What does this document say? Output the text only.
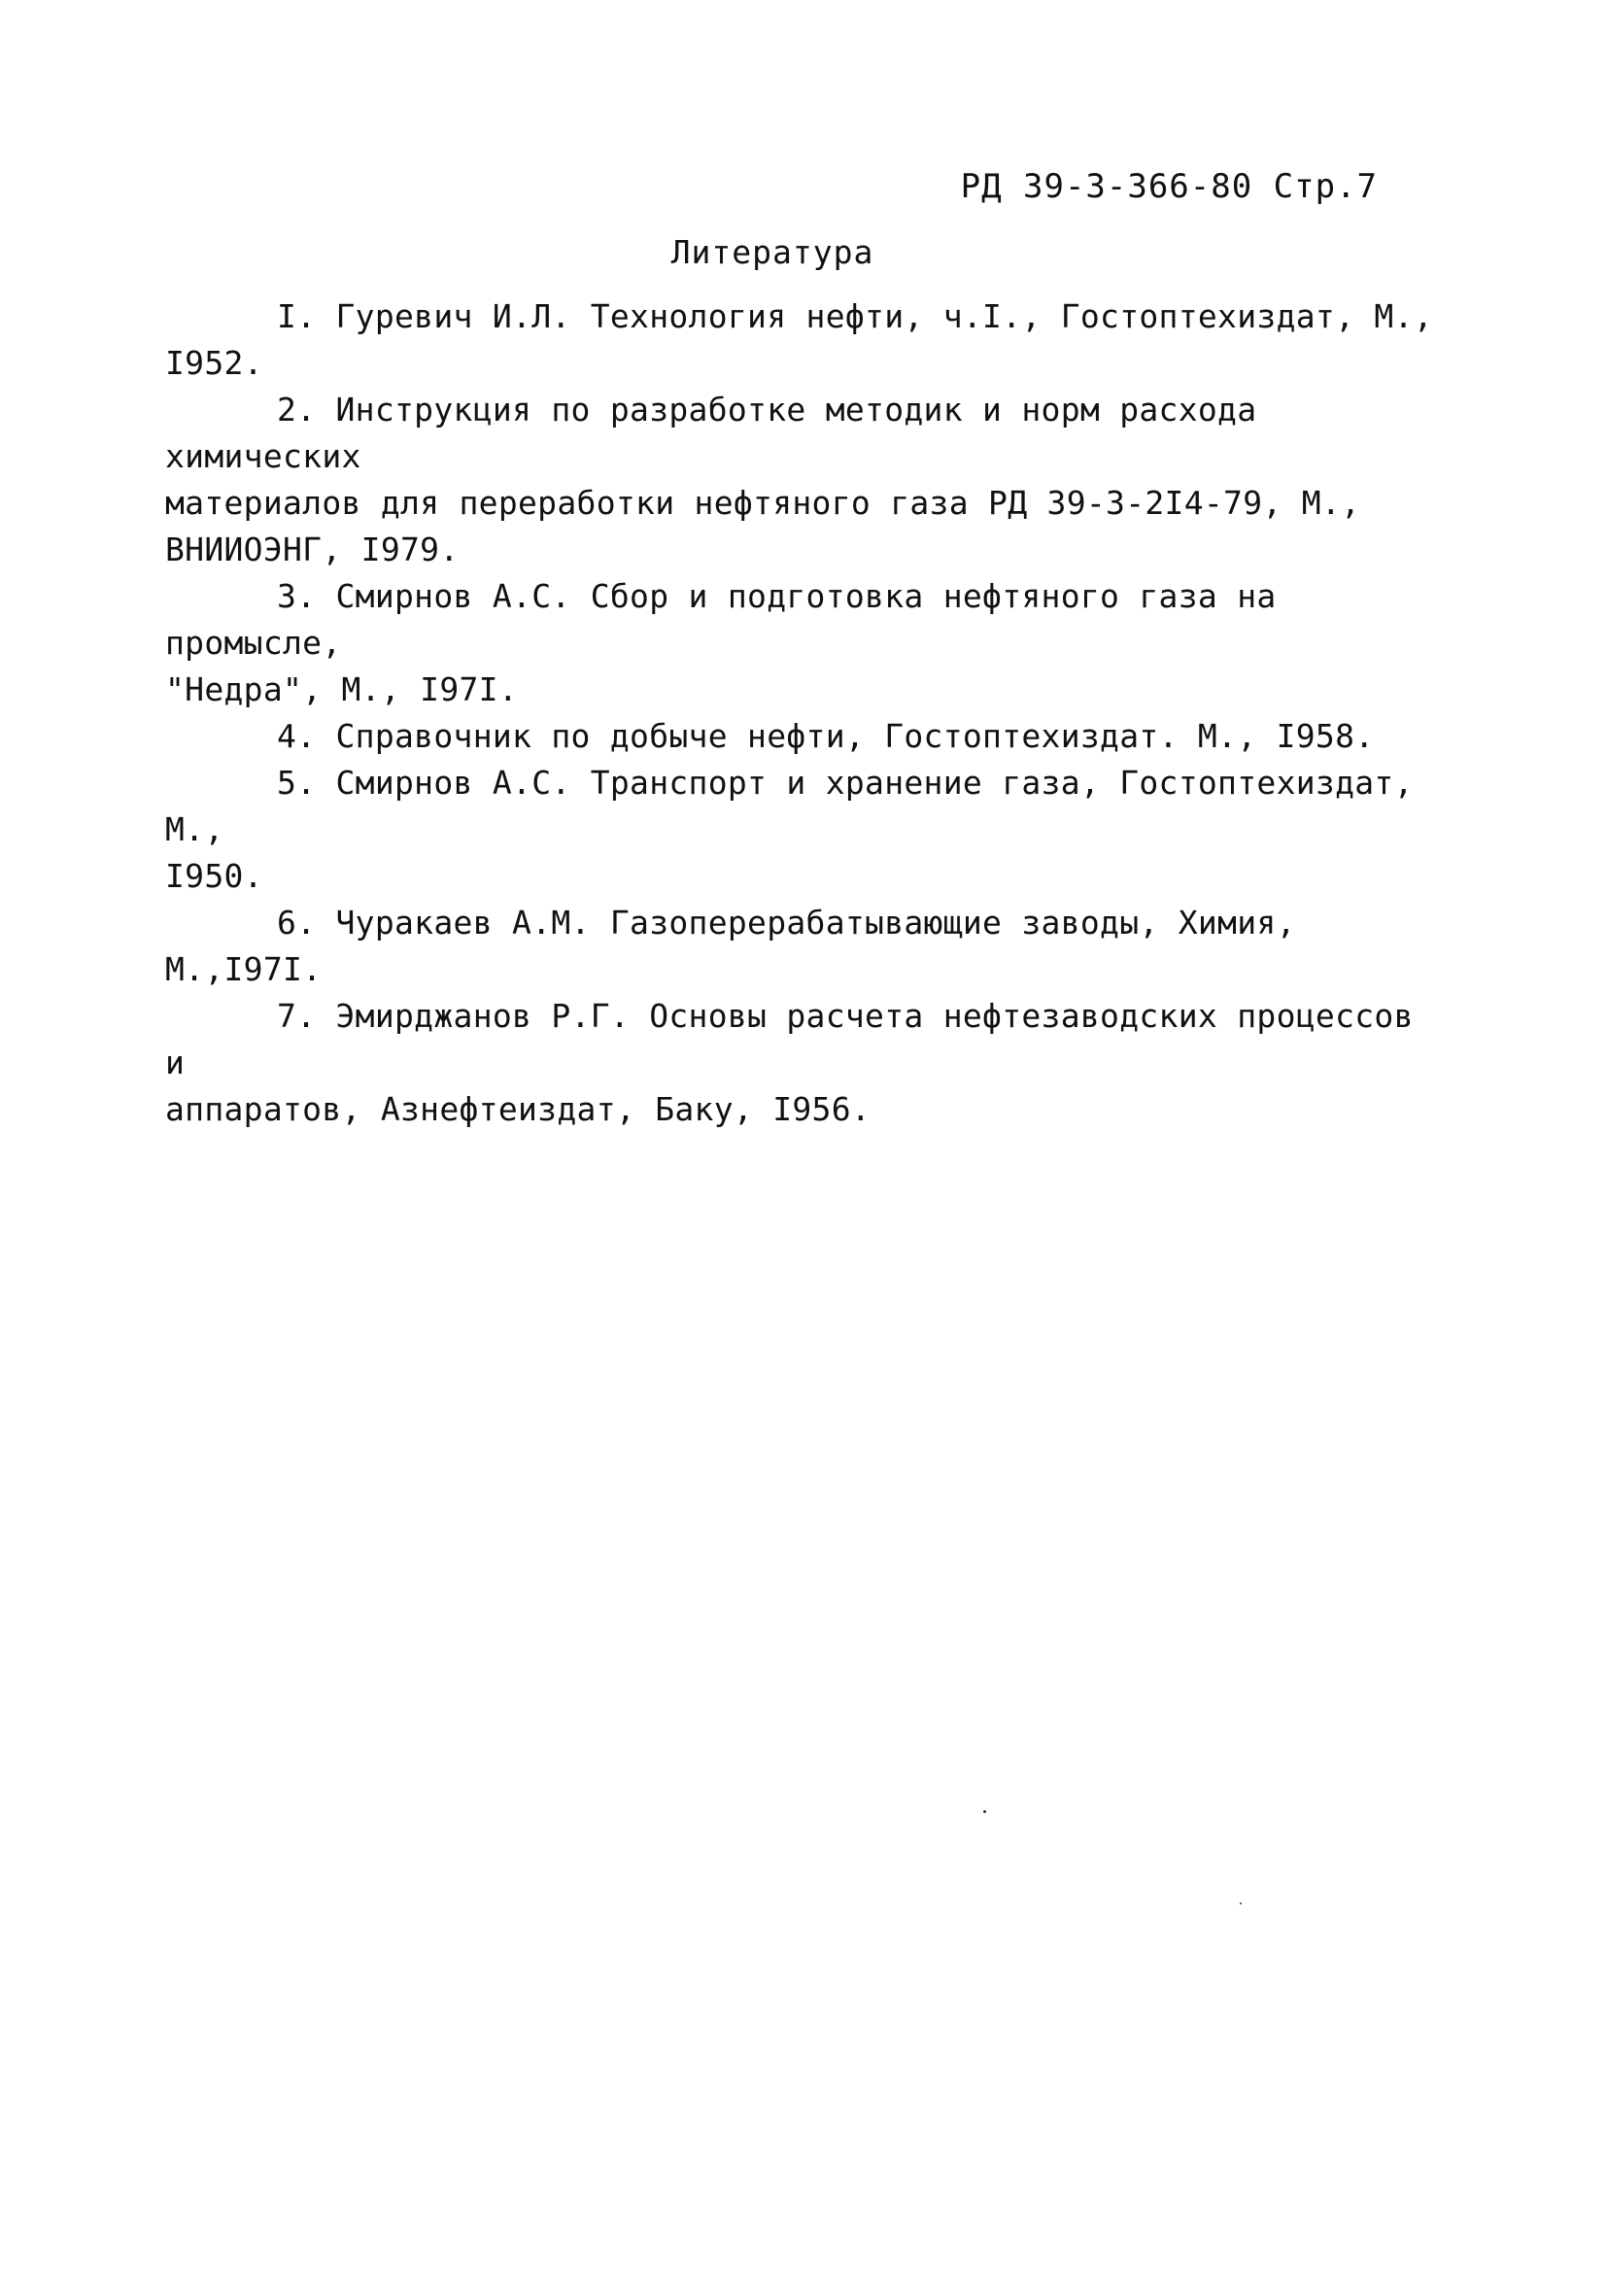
РД 39-3-366-80 Стр.7
Литература
I. Гуревич И.Л. Технология нефти, ч.I., Гостоптехиздат, М.,
I952.
2. Инструкция по разработке методик и норм расхода химических
материалов для переработки нефтяного газа РД 39-3-2I4-79, М.,
ВНИИОЭНГ, I979.
3. Смирнов А.С. Сбор и подготовка нефтяного газа на промысле,
"Недра", М., I97I.
4. Справочник по добыче нефти, Гостоптехиздат. М., I958.
5. Смирнов А.С. Транспорт и хранение газа, Гостоптехиздат, М.,
I950.
6. Чуракаев А.М. Газоперерабатывающие заводы, Химия, М.,I97I.
7. Эмирджанов Р.Г. Основы расчета нефтезаводских процессов и
аппаратов, Азнефтеиздат, Баку, I956.
